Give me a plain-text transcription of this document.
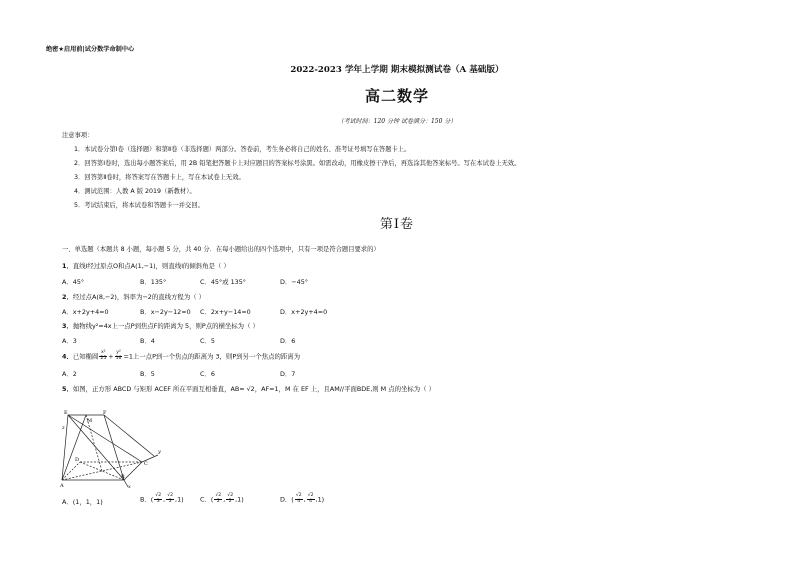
绝密★启用前|试分数学命制中心
2022-2023 学年上学期 期末模拟测试卷（A 基础版）
高二数学
（考试时间：120 分钟 试卷满分：150 分）
注意事项：
1．本试卷分第Ⅰ卷（选择题）和第Ⅱ卷（非选择题）两部分。答卷前，考生务必将自己的姓名、准考证号填写在答题卡上。
2．回答第Ⅰ卷时，选出每小题答案后，用 2B 铅笔把答题卡上对应题目的答案标号涂黑。如需改动，用橡皮擦干净后，再选涂其他答案标号。写在本试卷上无效。
3．回答第Ⅱ卷时，将答案写在答题卡上，写在本试卷上无效。
4．测试范围：人教 A 版 2019（新教材）。
5．考试结束后，将本试卷和答题卡一并交回。
第Ⅰ卷
一、单选题（本题共 8 小题，每小题 5 分，共 40 分．在每小题给出的四个选项中，只有一项是符合题目要求的）
1．直线l经过原点O和点A(1,−1)，则直线l的倾斜角是（ ）
A．45°	B．135°	C．45°或 135°	D．−45°
2．经过点A(8,−2)，斜率为−2的直线方程为（ ）
A．x+2y+4=0	B．x−2y−12=0 C．2x+y−14=0	D．x+2y+4=0
3．抛物线y²=4x上一点P到焦点F的距离为 5，则P点的横坐标为（ ）
A．3	B．4	C．5	D．6
4．已知椭圆 $\frac{\text{x²}}{25} + \frac{\text{y²}}{16} =1$上一点P到一个焦点的距离为 3，则P到另一个焦点的距离为
A．2	B．5	C．6	D．7
5．如图，正方形 ABCD 与矩形 ACEF 所在平面互相垂直，AB= √2，AF=1，M 在 EF 上，且AM//平面BDE,则 M 点的坐标为（ ）
E	F
M
B
C
D
A
z
y
x
A．(1，1，1)	B．( $\frac{√2}{3}$ , $\frac{√2}{3} ,1$)	C．( $\frac{√2}{2}$ , $\frac{√2}{2} ,1$)	D．( $\frac{√2}{4}$ , $\frac{√2}{4} ,1$)
